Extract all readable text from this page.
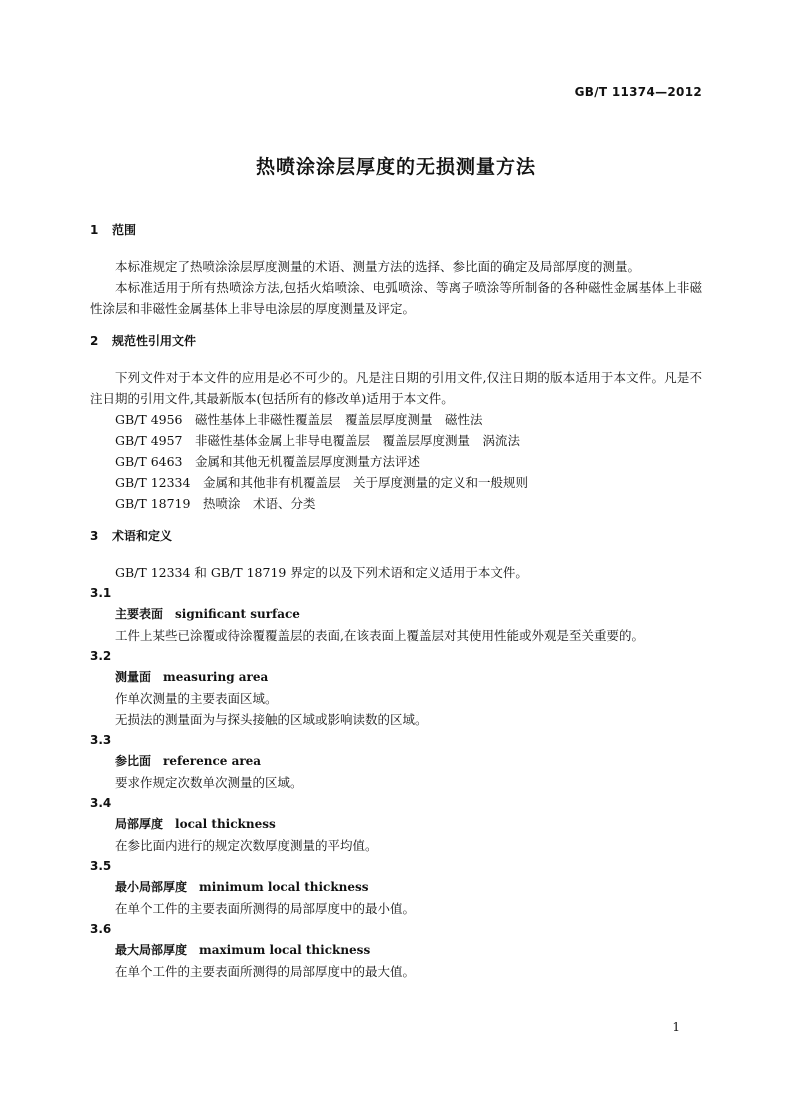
GB/T 11374—2012
热喷涂涂层厚度的无损测量方法
1 范围

本标准规定了热喷涂涂层厚度测量的术语、测量方法的选择、参比面的确定及局部厚度的测量。

本标准适用于所有热喷涂方法,包括火焰喷涂、电弧喷涂、等离子喷涂等所制备的各种磁性金属基体上非磁性涂层和非磁性金属基体上非导电涂层的厚度测量及评定。

2 规范性引用文件

下列文件对于本文件的应用是必不可少的。凡是注日期的引用文件,仅注日期的版本适用于本文件。凡是不注日期的引用文件,其最新版本(包括所有的修改单)适用于本文件。

GB/T 4956　磁性基体上非磁性覆盖层　覆盖层厚度测量　磁性法

GB/T 4957　非磁性基体金属上非导电覆盖层　覆盖层厚度测量　涡流法

GB/T 6463　金属和其他无机覆盖层厚度测量方法评述

GB/T 12334　金属和其他非有机覆盖层　关于厚度测量的定义和一般规则

GB/T 18719　热喷涂　术语、分类

3 术语和定义

GB/T 12334 和 GB/T 18719 界定的以及下列术语和定义适用于本文件。

3.1
主要表面 significant surface

工件上某些已涂覆或待涂覆覆盖层的表面,在该表面上覆盖层对其使用性能或外观是至关重要的。

3.2
测量面 measuring area

作单次测量的主要表面区域。

无损法的测量面为与探头接触的区域或影响读数的区域。

3.3
参比面 reference area

要求作规定次数单次测量的区域。

3.4
局部厚度 local thickness

在参比面内进行的规定次数厚度测量的平均值。

3.5
最小局部厚度 minimum local thickness

在单个工件的主要表面所测得的局部厚度中的最小值。

3.6
最大局部厚度 maximum local thickness

在单个工件的主要表面所测得的局部厚度中的最大值。

1
